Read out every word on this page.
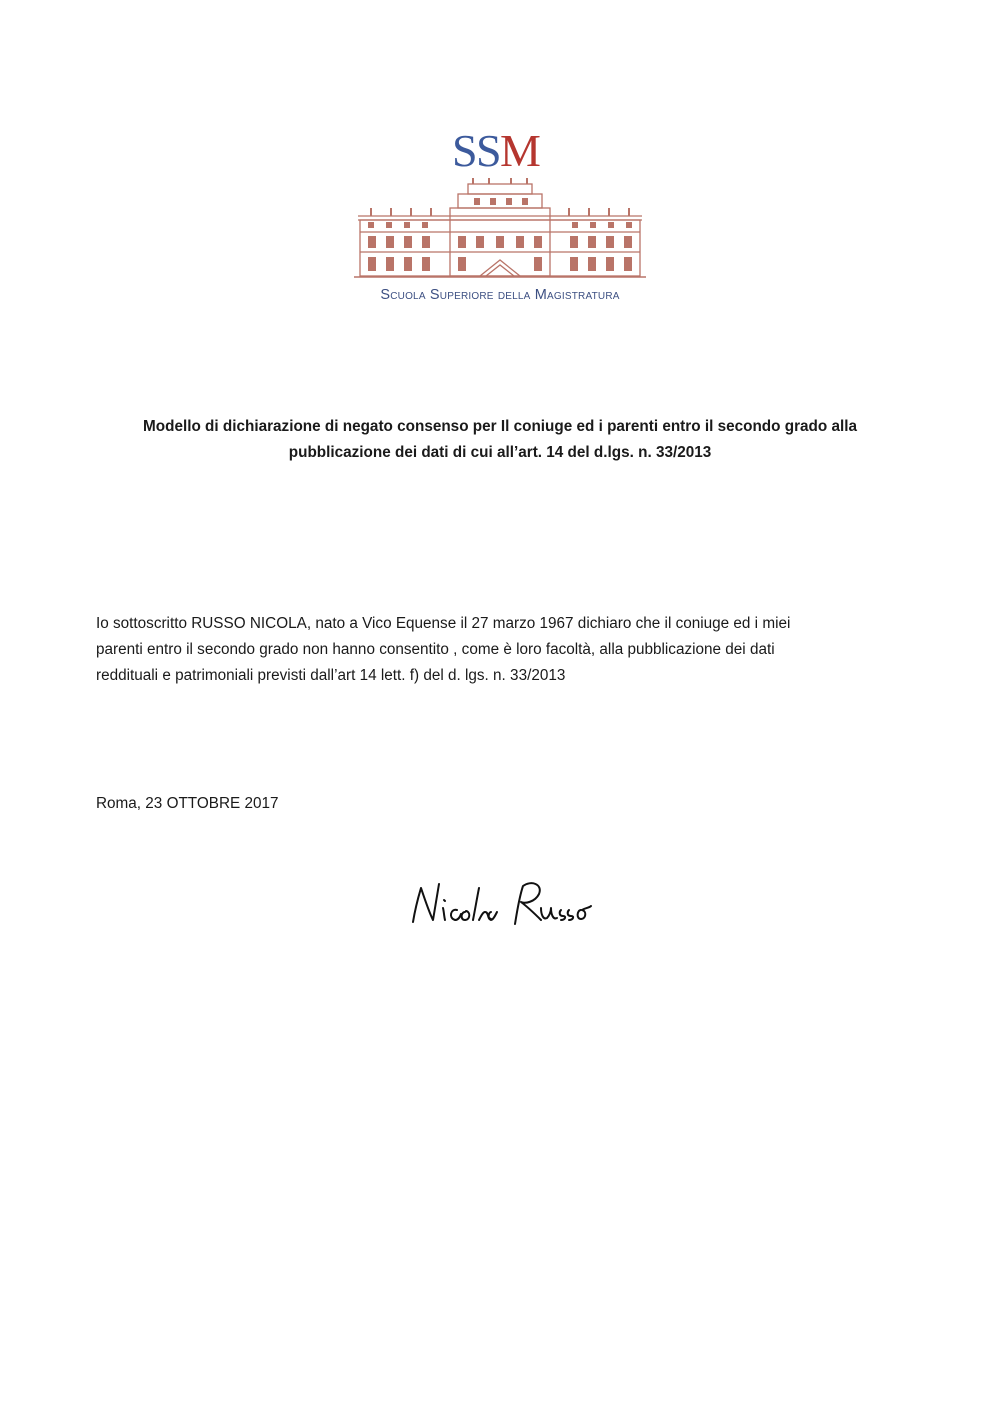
S S M
Scuola Superiore della Magistratura
Modello di dichiarazione di negato consenso per Il coniuge ed i parenti entro il secondo grado alla
pubblicazione dei dati di cui all’art. 14 del d.lgs. n. 33/2013

Io sottoscritto RUSSO NICOLA, nato a Vico Equense il 27 marzo 1967 dichiaro che il coniuge ed i miei
parenti entro il secondo grado non hanno consentito , come è loro facoltà, alla pubblicazione dei dati
reddituali e patrimoniali previsti dall’art 14 lett. f) del d. lgs. n. 33/2013

Roma, 23 OTTOBRE 2017
